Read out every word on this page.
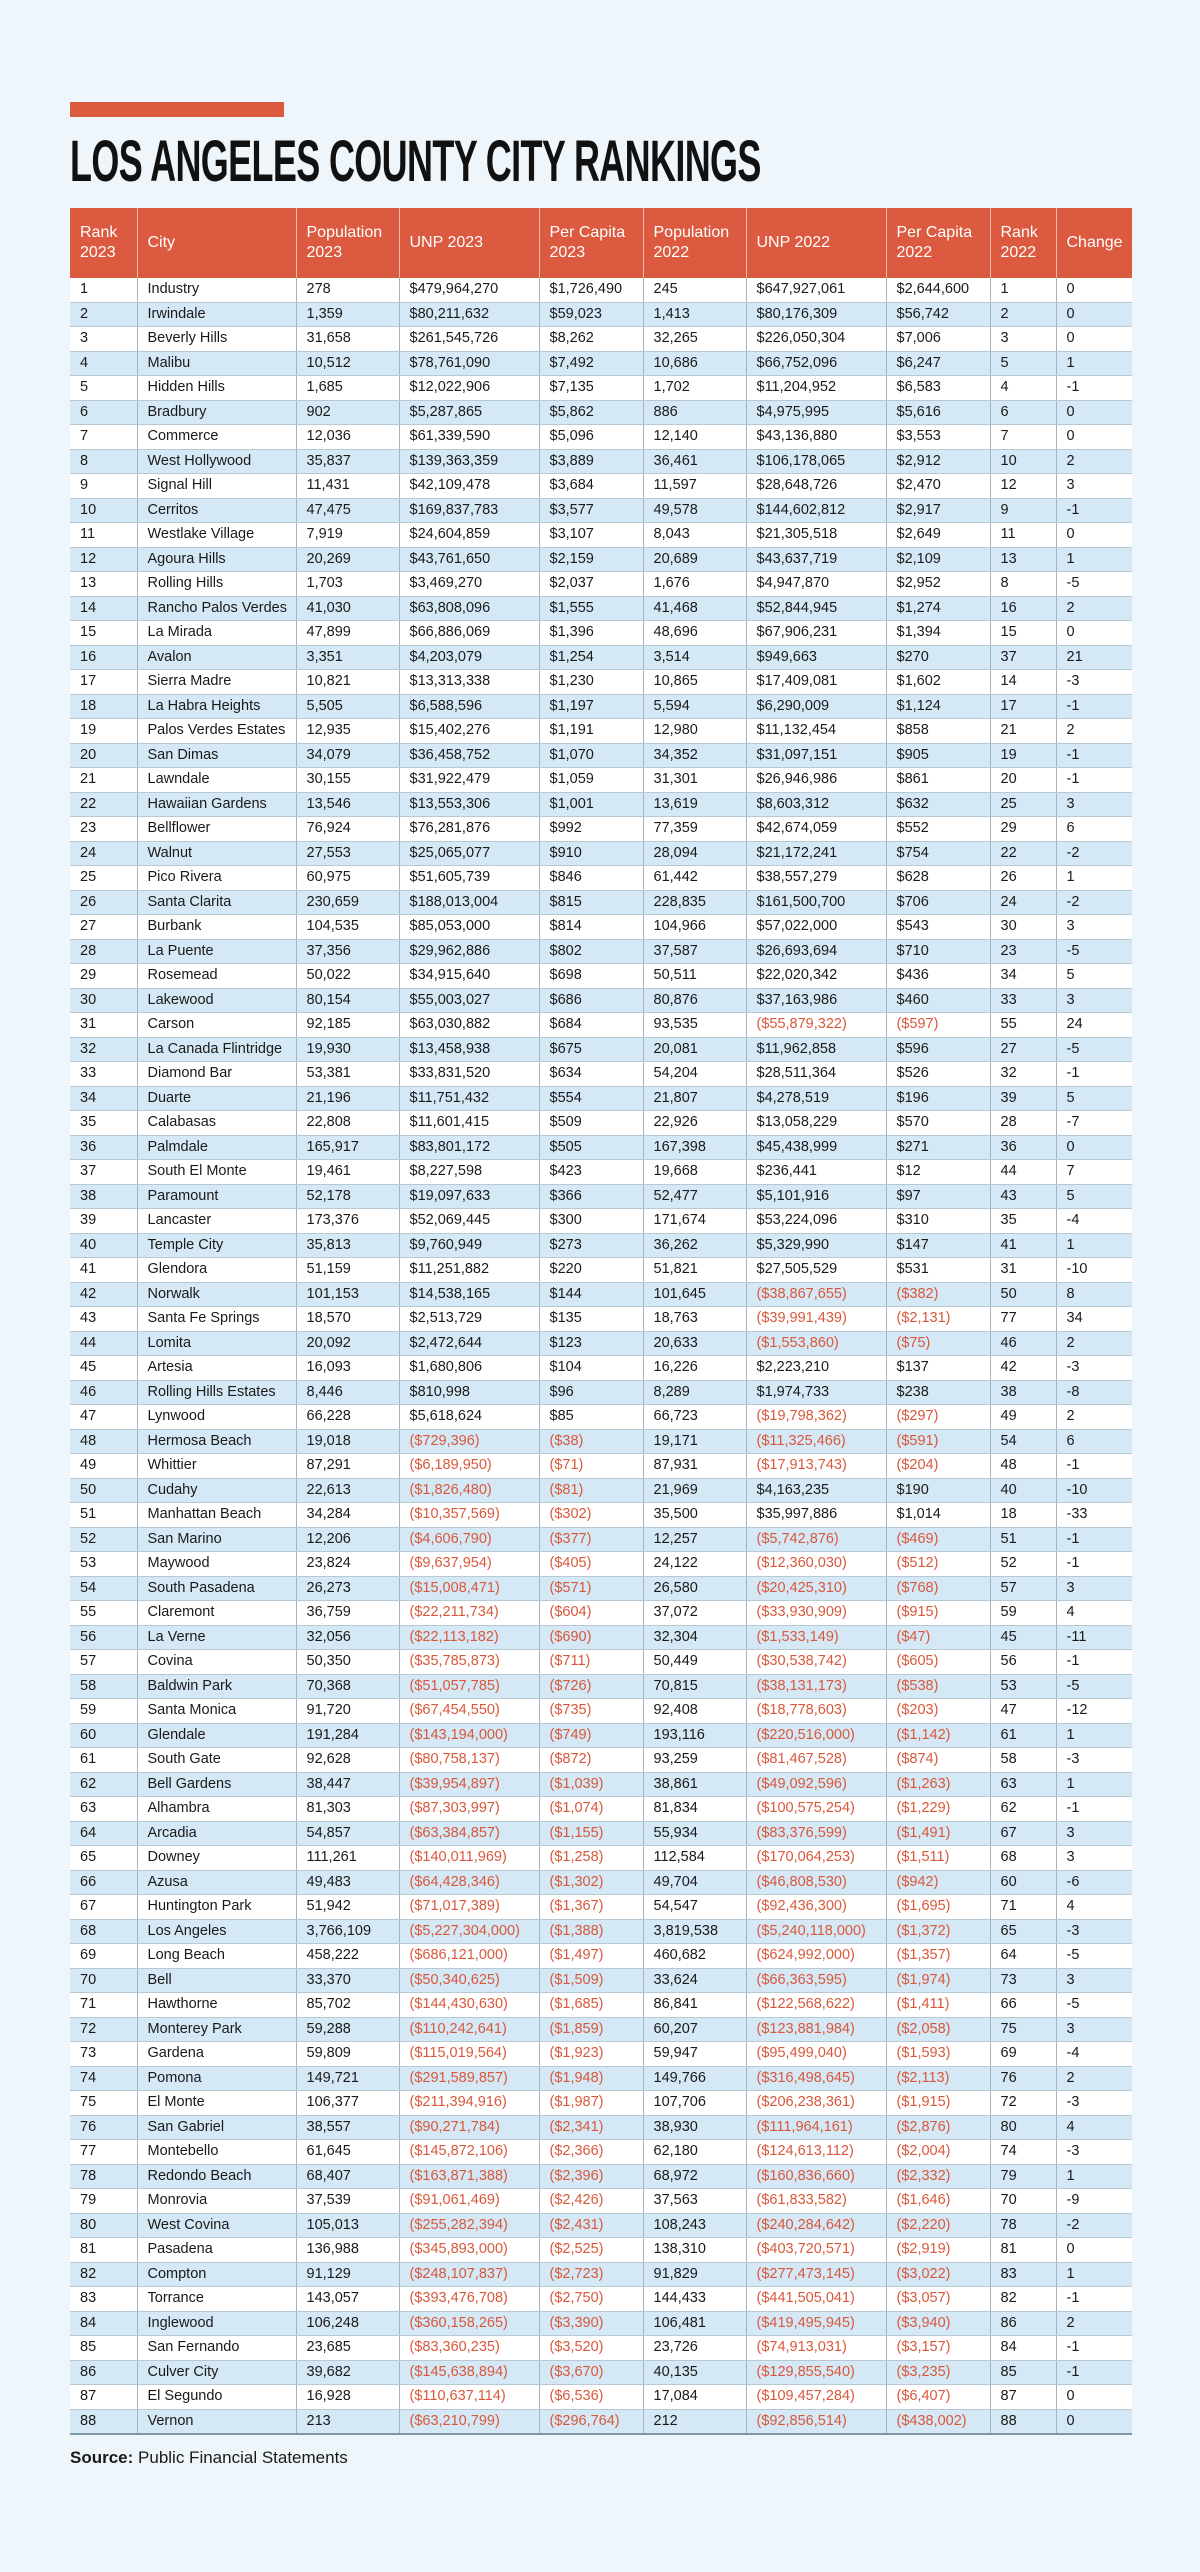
LOS ANGELES COUNTY CITY RANKINGS
Rank 2023	City	Population 2023	UNP 2023	Per Capita 2023	Population 2022	UNP 2022	Per Capita 2022	Rank 2022	Change
1	Industry	278	$479,964,270	$1,726,490	245	$647,927,061	$2,644,600	1	0
2	Irwindale	1,359	$80,211,632	$59,023	1,413	$80,176,309	$56,742	2	0
3	Beverly Hills	31,658	$261,545,726	$8,262	32,265	$226,050,304	$7,006	3	0
4	Malibu	10,512	$78,761,090	$7,492	10,686	$66,752,096	$6,247	5	1
5	Hidden Hills	1,685	$12,022,906	$7,135	1,702	$11,204,952	$6,583	4	-1
6	Bradbury	902	$5,287,865	$5,862	886	$4,975,995	$5,616	6	0
7	Commerce	12,036	$61,339,590	$5,096	12,140	$43,136,880	$3,553	7	0
8	West Hollywood	35,837	$139,363,359	$3,889	36,461	$106,178,065	$2,912	10	2
9	Signal Hill	11,431	$42,109,478	$3,684	11,597	$28,648,726	$2,470	12	3
10	Cerritos	47,475	$169,837,783	$3,577	49,578	$144,602,812	$2,917	9	-1
11	Westlake Village	7,919	$24,604,859	$3,107	8,043	$21,305,518	$2,649	11	0
12	Agoura Hills	20,269	$43,761,650	$2,159	20,689	$43,637,719	$2,109	13	1
13	Rolling Hills	1,703	$3,469,270	$2,037	1,676	$4,947,870	$2,952	8	-5
14	Rancho Palos Verdes	41,030	$63,808,096	$1,555	41,468	$52,844,945	$1,274	16	2
15	La Mirada	47,899	$66,886,069	$1,396	48,696	$67,906,231	$1,394	15	0
16	Avalon	3,351	$4,203,079	$1,254	3,514	$949,663	$270	37	21
17	Sierra Madre	10,821	$13,313,338	$1,230	10,865	$17,409,081	$1,602	14	-3
18	La Habra Heights	5,505	$6,588,596	$1,197	5,594	$6,290,009	$1,124	17	-1
19	Palos Verdes Estates	12,935	$15,402,276	$1,191	12,980	$11,132,454	$858	21	2
20	San Dimas	34,079	$36,458,752	$1,070	34,352	$31,097,151	$905	19	-1
21	Lawndale	30,155	$31,922,479	$1,059	31,301	$26,946,986	$861	20	-1
22	Hawaiian Gardens	13,546	$13,553,306	$1,001	13,619	$8,603,312	$632	25	3
23	Bellflower	76,924	$76,281,876	$992	77,359	$42,674,059	$552	29	6
24	Walnut	27,553	$25,065,077	$910	28,094	$21,172,241	$754	22	-2
25	Pico Rivera	60,975	$51,605,739	$846	61,442	$38,557,279	$628	26	1
26	Santa Clarita	230,659	$188,013,004	$815	228,835	$161,500,700	$706	24	-2
27	Burbank	104,535	$85,053,000	$814	104,966	$57,022,000	$543	30	3
28	La Puente	37,356	$29,962,886	$802	37,587	$26,693,694	$710	23	-5
29	Rosemead	50,022	$34,915,640	$698	50,511	$22,020,342	$436	34	5
30	Lakewood	80,154	$55,003,027	$686	80,876	$37,163,986	$460	33	3
31	Carson	92,185	$63,030,882	$684	93,535	($55,879,322)	($597)	55	24
32	La Canada Flintridge	19,930	$13,458,938	$675	20,081	$11,962,858	$596	27	-5
33	Diamond Bar	53,381	$33,831,520	$634	54,204	$28,511,364	$526	32	-1
34	Duarte	21,196	$11,751,432	$554	21,807	$4,278,519	$196	39	5
35	Calabasas	22,808	$11,601,415	$509	22,926	$13,058,229	$570	28	-7
36	Palmdale	165,917	$83,801,172	$505	167,398	$45,438,999	$271	36	0
37	South El Monte	19,461	$8,227,598	$423	19,668	$236,441	$12	44	7
38	Paramount	52,178	$19,097,633	$366	52,477	$5,101,916	$97	43	5
39	Lancaster	173,376	$52,069,445	$300	171,674	$53,224,096	$310	35	-4
40	Temple City	35,813	$9,760,949	$273	36,262	$5,329,990	$147	41	1
41	Glendora	51,159	$11,251,882	$220	51,821	$27,505,529	$531	31	-10
42	Norwalk	101,153	$14,538,165	$144	101,645	($38,867,655)	($382)	50	8
43	Santa Fe Springs	18,570	$2,513,729	$135	18,763	($39,991,439)	($2,131)	77	34
44	Lomita	20,092	$2,472,644	$123	20,633	($1,553,860)	($75)	46	2
45	Artesia	16,093	$1,680,806	$104	16,226	$2,223,210	$137	42	-3
46	Rolling Hills Estates	8,446	$810,998	$96	8,289	$1,974,733	$238	38	-8
47	Lynwood	66,228	$5,618,624	$85	66,723	($19,798,362)	($297)	49	2
48	Hermosa Beach	19,018	($729,396)	($38)	19,171	($11,325,466)	($591)	54	6
49	Whittier	87,291	($6,189,950)	($71)	87,931	($17,913,743)	($204)	48	-1
50	Cudahy	22,613	($1,826,480)	($81)	21,969	$4,163,235	$190	40	-10
51	Manhattan Beach	34,284	($10,357,569)	($302)	35,500	$35,997,886	$1,014	18	-33
52	San Marino	12,206	($4,606,790)	($377)	12,257	($5,742,876)	($469)	51	-1
53	Maywood	23,824	($9,637,954)	($405)	24,122	($12,360,030)	($512)	52	-1
54	South Pasadena	26,273	($15,008,471)	($571)	26,580	($20,425,310)	($768)	57	3
55	Claremont	36,759	($22,211,734)	($604)	37,072	($33,930,909)	($915)	59	4
56	La Verne	32,056	($22,113,182)	($690)	32,304	($1,533,149)	($47)	45	-11
57	Covina	50,350	($35,785,873)	($711)	50,449	($30,538,742)	($605)	56	-1
58	Baldwin Park	70,368	($51,057,785)	($726)	70,815	($38,131,173)	($538)	53	-5
59	Santa Monica	91,720	($67,454,550)	($735)	92,408	($18,778,603)	($203)	47	-12
60	Glendale	191,284	($143,194,000)	($749)	193,116	($220,516,000)	($1,142)	61	1
61	South Gate	92,628	($80,758,137)	($872)	93,259	($81,467,528)	($874)	58	-3
62	Bell Gardens	38,447	($39,954,897)	($1,039)	38,861	($49,092,596)	($1,263)	63	1
63	Alhambra	81,303	($87,303,997)	($1,074)	81,834	($100,575,254)	($1,229)	62	-1
64	Arcadia	54,857	($63,384,857)	($1,155)	55,934	($83,376,599)	($1,491)	67	3
65	Downey	111,261	($140,011,969)	($1,258)	112,584	($170,064,253)	($1,511)	68	3
66	Azusa	49,483	($64,428,346)	($1,302)	49,704	($46,808,530)	($942)	60	-6
67	Huntington Park	51,942	($71,017,389)	($1,367)	54,547	($92,436,300)	($1,695)	71	4
68	Los Angeles	3,766,109	($5,227,304,000)	($1,388)	3,819,538	($5,240,118,000)	($1,372)	65	-3
69	Long Beach	458,222	($686,121,000)	($1,497)	460,682	($624,992,000)	($1,357)	64	-5
70	Bell	33,370	($50,340,625)	($1,509)	33,624	($66,363,595)	($1,974)	73	3
71	Hawthorne	85,702	($144,430,630)	($1,685)	86,841	($122,568,622)	($1,411)	66	-5
72	Monterey Park	59,288	($110,242,641)	($1,859)	60,207	($123,881,984)	($2,058)	75	3
73	Gardena	59,809	($115,019,564)	($1,923)	59,947	($95,499,040)	($1,593)	69	-4
74	Pomona	149,721	($291,589,857)	($1,948)	149,766	($316,498,645)	($2,113)	76	2
75	El Monte	106,377	($211,394,916)	($1,987)	107,706	($206,238,361)	($1,915)	72	-3
76	San Gabriel	38,557	($90,271,784)	($2,341)	38,930	($111,964,161)	($2,876)	80	4
77	Montebello	61,645	($145,872,106)	($2,366)	62,180	($124,613,112)	($2,004)	74	-3
78	Redondo Beach	68,407	($163,871,388)	($2,396)	68,972	($160,836,660)	($2,332)	79	1
79	Monrovia	37,539	($91,061,469)	($2,426)	37,563	($61,833,582)	($1,646)	70	-9
80	West Covina	105,013	($255,282,394)	($2,431)	108,243	($240,284,642)	($2,220)	78	-2
81	Pasadena	136,988	($345,893,000)	($2,525)	138,310	($403,720,571)	($2,919)	81	0
82	Compton	91,129	($248,107,837)	($2,723)	91,829	($277,473,145)	($3,022)	83	1
83	Torrance	143,057	($393,476,708)	($2,750)	144,433	($441,505,041)	($3,057)	82	-1
84	Inglewood	106,248	($360,158,265)	($3,390)	106,481	($419,495,945)	($3,940)	86	2
85	San Fernando	23,685	($83,360,235)	($3,520)	23,726	($74,913,031)	($3,157)	84	-1
86	Culver City	39,682	($145,638,894)	($3,670)	40,135	($129,855,540)	($3,235)	85	-1
87	El Segundo	16,928	($110,637,114)	($6,536)	17,084	($109,457,284)	($6,407)	87	0
88	Vernon	213	($63,210,799)	($296,764)	212	($92,856,514)	($438,002)	88	0
Source: Public Financial Statements
